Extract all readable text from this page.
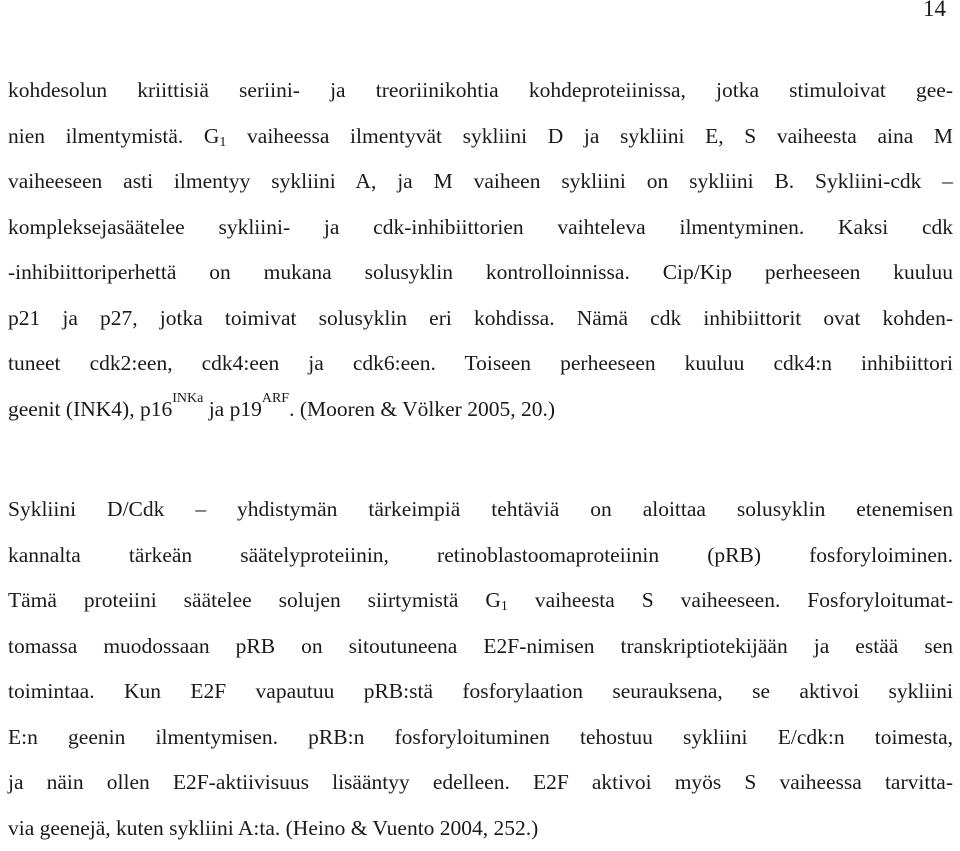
14

kohdesolun kriittisiä seriini- ja treoriinikohtia kohdeproteiinissa, jotka stimuloivat gee-
nien ilmentymistä. $G_1$ vaiheessa ilmentyvät sykliini D ja sykliini E, S vaiheesta aina M
vaiheeseen asti ilmentyy sykliini A, ja M vaiheen sykliini on sykliini B. Sykliini-cdk –
kompleksejasäätelee sykliini- ja cdk-inhibiittorien vaihteleva ilmentyminen. Kaksi cdk
-inhibiittoriperhettä on mukana solusyklin kontrolloinnissa. Cip/Kip perheeseen kuuluu
p21 ja p27, jotka toimivat solusyklin eri kohdissa. Nämä cdk inhibiittorit ovat kohden-
tuneet cdk2:een, cdk4:een ja cdk6:een. Toiseen perheeseen kuuluu cdk4:n inhibiittori
geenit (INK4), $p16^{INKa}$ ja $p19^{ARF}$. (Mooren & Völker 2005, 20.)

Sykliini D/Cdk – yhdistymän tärkeimpiä tehtäviä on aloittaa solusyklin etenemisen
kannalta tärkeän säätelyproteiinin, retinoblastoomaproteiinin (pRB) fosforyloiminen.
Tämä proteiini säätelee solujen siirtymistä $G_1$ vaiheesta S vaiheeseen. Fosforyloitumat-
tomassa muodossaan pRB on sitoutuneena E2F-nimisen transkriptiotekijään ja estää sen
toimintaa. Kun E2F vapautuu pRB:stä fosforylaation seurauksena, se aktivoi sykliini
E:n geenin ilmentymisen. pRB:n fosforyloituminen tehostuu sykliini E/cdk:n toimesta,
ja näin ollen E2F-aktiivisuus lisääntyy edelleen. E2F aktivoi myös S vaiheessa tarvitta-
via geenejä, kuten sykliini A:ta. (Heino & Vuento 2004, 252.)
